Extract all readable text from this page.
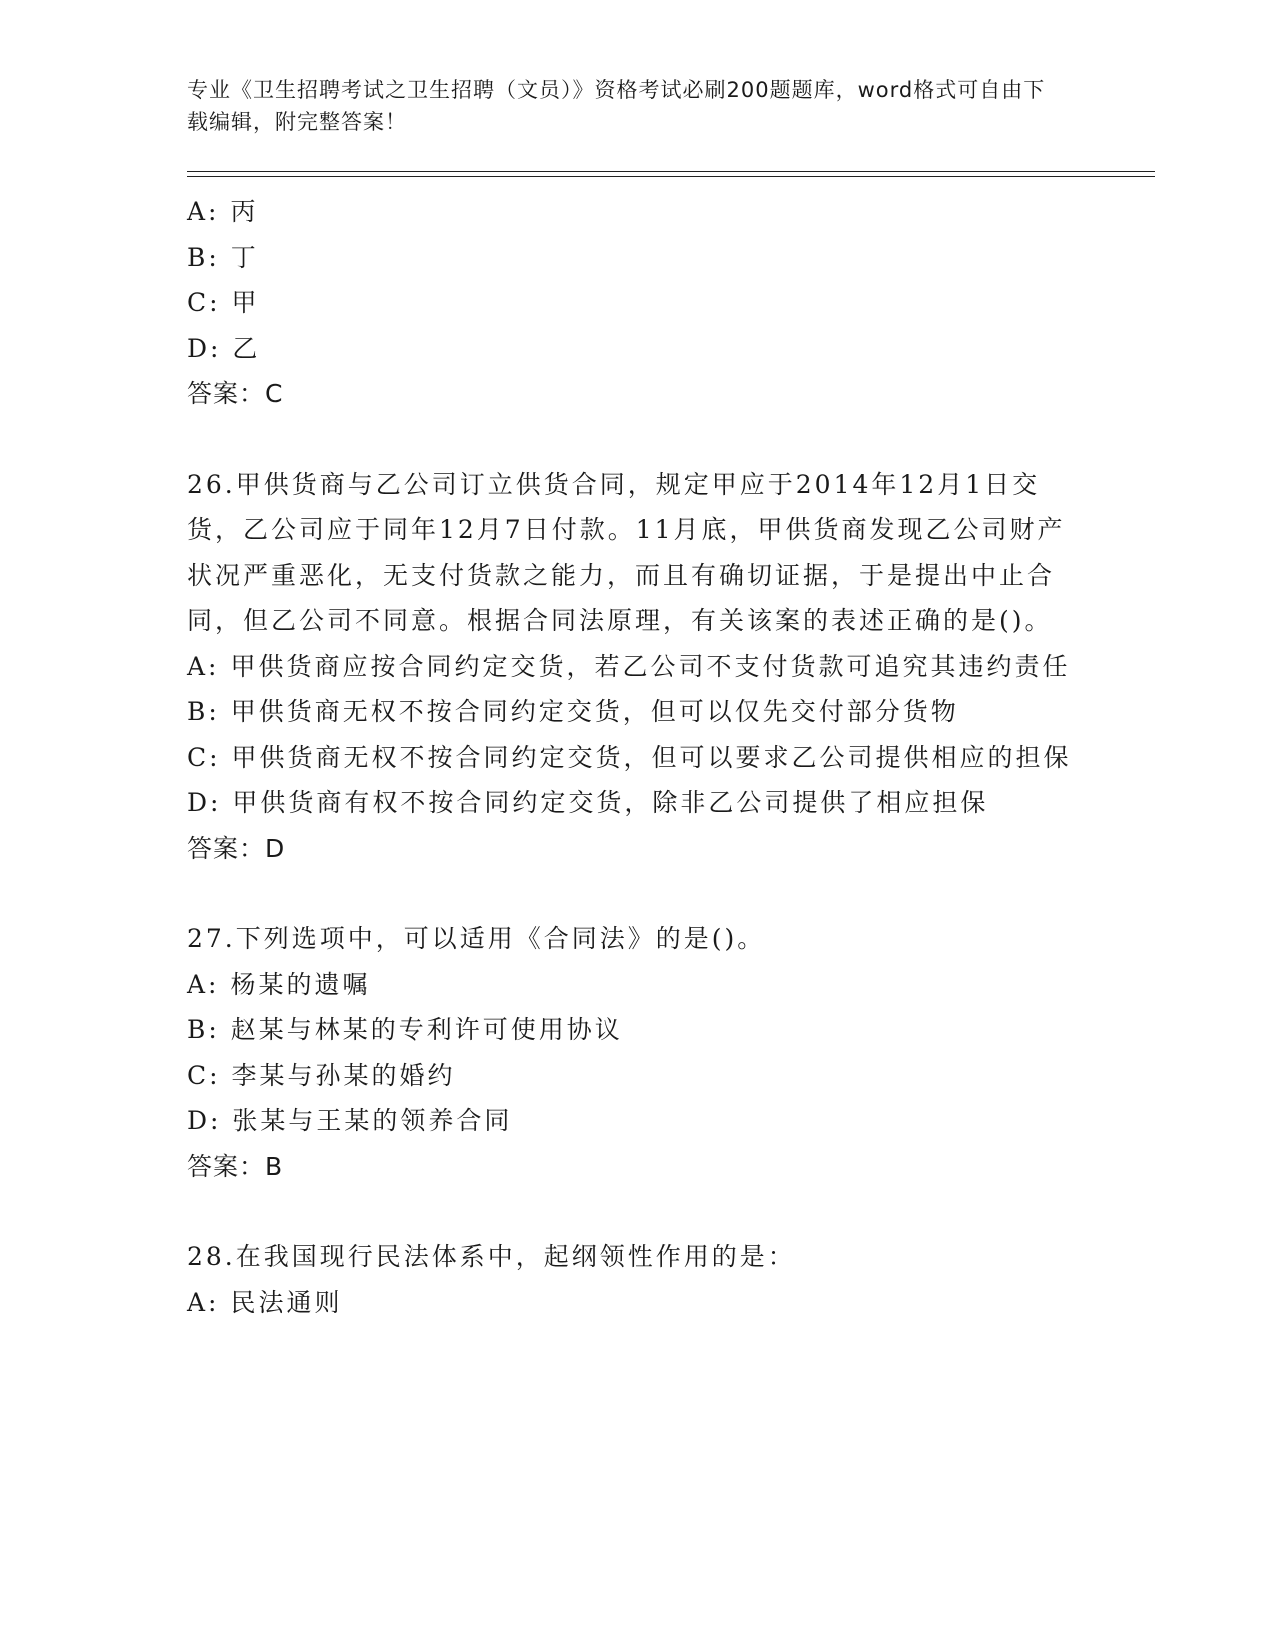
专业《卫生招聘考试之卫生招聘（文员）》资格考试必刷200题题库，word格式可自由下载编辑，附完整答案！
A: 丙
B: 丁
C: 甲
D: 乙
答案：C
26.甲供货商与乙公司订立供货合同，规定甲应于2014年12月1日交货，乙公司应于同年12月7日付款。11月底，甲供货商发现乙公司财产状况严重恶化，无支付货款之能力，而且有确切证据，于是提出中止合同，但乙公司不同意。根据合同法原理，有关该案的表述正确的是()。
A: 甲供货商应按合同约定交货，若乙公司不支付货款可追究其违约责任
B: 甲供货商无权不按合同约定交货，但可以仅先交付部分货物
C: 甲供货商无权不按合同约定交货，但可以要求乙公司提供相应的担保
D: 甲供货商有权不按合同约定交货，除非乙公司提供了相应担保
答案：D
27.下列选项中，可以适用《合同法》的是()。
A: 杨某的遗嘱
B: 赵某与林某的专利许可使用协议
C: 李某与孙某的婚约
D: 张某与王某的领养合同
答案：B
28.在我国现行民法体系中，起纲领性作用的是：
A: 民法通则
